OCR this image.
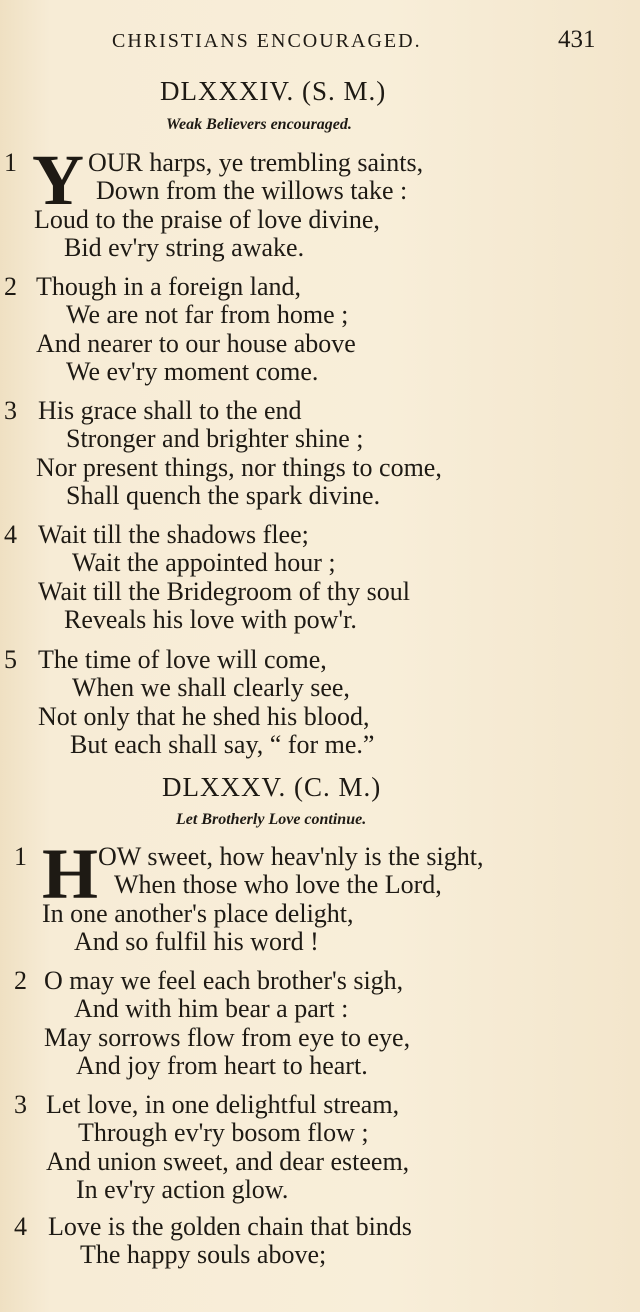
CHRISTIANS ENCOURAGED.	431
DLXXXIV. (S. M.)
Weak Believers encouraged.
1 Y OUR harps, ye trembling saints,
Down from the willows take :
Loud to the praise of love divine,
Bid ev'ry string awake.
2 Though in a foreign land,
We are not far from home ;
And nearer to our house above
We ev'ry moment come.
3 His grace shall to the end
Stronger and brighter shine ;
Nor present things, nor things to come,
Shall quench the spark divine.
4 Wait till the shadows flee;
Wait the appointed hour ;
Wait till the Bridegroom of thy soul
Reveals his love with pow'r.
5 The time of love will come,
When we shall clearly see,
Not only that he shed his blood,
But each shall say, “ for me.”
DLXXXV. (C. M.)
Let Brotherly Love continue.
1 H OW sweet, how heav'nly is the sight,
When those who love the Lord,
In one another's place delight,
And so fulfil his word !
2 O may we feel each brother's sigh,
And with him bear a part :
May sorrows flow from eye to eye,
And joy from heart to heart.
3 Let love, in one delightful stream,
Through ev'ry bosom flow ;
And union sweet, and dear esteem,
In ev'ry action glow.
4 Love is the golden chain that binds
The happy souls above;
